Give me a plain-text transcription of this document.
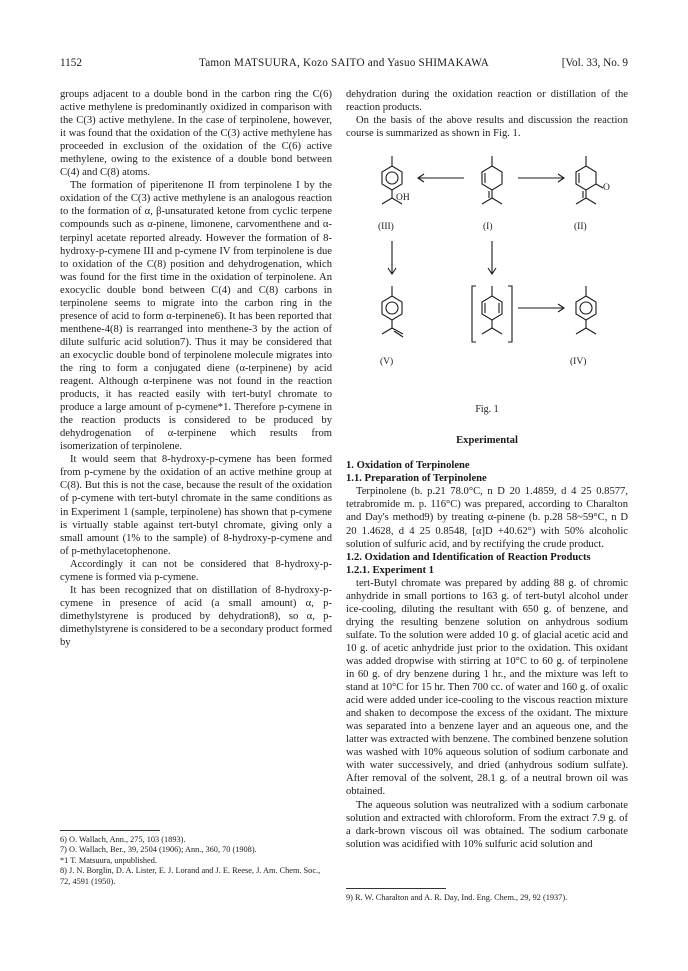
1152	Tamon MATSUURA, Kozo SAITO and Yasuo SHIMAKAWA	[Vol. 33, No. 9

groups adjacent to a double bond in the carbon ring the C(6) active methylene is predominantly oxidized in comparison with the C(3) active methylene. In the case of terpinolene, however, it was found that the oxidation of the C(3) active methylene has proceeded in exclusion of the oxidation of the C(6) active methylene, owing to the existence of a double bond between C(4) and C(8) atoms.

The formation of piperitenone II from terpinolene I by the oxidation of the C(3) active methylene is an analogous reaction to the formation of α, β-unsaturated ketone from cyclic terpene compounds such as α-pinene, limonene, carvomenthene and α-terpinyl acetate reported already. However the formation of 8-hydroxy-p-cymene III and p-cymene IV from terpinolene is due to oxidation of the C(8) position and dehydrogenation, which was found for the first time in the oxidation of terpinolene. An exocyclic double bond between C(4) and C(8) carbons in terpinolene seems to migrate into the carbon ring in the presence of acid to form α-terpinene6). It has been reported that menthene-4(8) is rearranged into menthene-3 by the action of dilute sulfuric acid solution7). Thus it may be considered that an exocyclic double bond of terpinolene molecule migrates into the ring to form a conjugated diene (α-terpinene) by acid reagent. Although α-terpinene was not found in the reaction products, it has reacted easily with tert-butyl chromate to produce a large amount of p-cymene*1. Therefore p-cymene in the reaction products is considered to be produced by dehydrogenation of α-terpinene which results from isomerization of terpinolene.

It would seem that 8-hydroxy-p-cymene has been formed from p-cymene by the oxidation of an active methine group at C(8). But this is not the case, because the result of the oxidation of p-cymene with tert-butyl chromate in the same conditions as in Experiment 1 (sample, terpinolene) has shown that p-cymene is virtually stable against tert-butyl chromate, giving only a small amount (1% to the sample) of 8-hydroxy-p-cymene and of p-methylacetophenone.

Accordingly it can not be considered that 8-hydroxy-p-cymene is formed via p-cymene.

It has been recognized that on distillation of 8-hydroxy-p-cymene in presence of acid (a small amount) α, p-dimethylstyrene is produced by dehydration8), so α, p-dimethylstyrene is considered to be a secondary product formed by

6) O. Wallach, Ann., 275, 103 (1893).
7) O. Wallach, Ber., 39, 2504 (1906); Ann., 360, 70 (1908).
*1 T. Matsuura, unpublished.
8) J. N. Borglin, D. A. Lister, E. J. Lorand and J. E. Reese, J. Am. Chem. Soc., 72, 4591 (1950).

dehydration during the oxidation reaction or distillation of the reaction products.

On the basis of the above results and discussion the reaction course is summarized as shown in Fig. 1.

OH
O
(III)	(I)	(II)
(V)	(IV)
Fig. 1
Experimental

1. Oxidation of Terpinolene

1.1. Preparation of Terpinolene

Terpinolene (b. p.21 78.0°C, n D 20 1.4859, d 4 25 0.8577, tetrabromide m. p. 116°C) was prepared, according to Charalton and Day's method9) by treating α-pinene (b. p.28 58~59°C, n D 20 1.4628, d 4 25 0.8548, [α]D +40.62°) with 50% alcoholic solution of sulfuric acid, and by rectifying the crude product.

1.2. Oxidation and Identification of Reaction Products

1.2.1. Experiment 1

tert-Butyl chromate was prepared by adding 88 g. of chromic anhydride in small portions to 163 g. of tert-butyl alcohol under ice-cooling, diluting the resultant with 650 g. of benzene, and drying the resulting benzene solution on anhydrous sodium sulfate. To the solution were added 10 g. of glacial acetic acid and 10 g. of acetic anhydride just prior to the oxidation. This oxidant was added dropwise with stirring at 10°C to 60 g. of terpinolene in 60 g. of dry benzene during 1 hr., and the mixture was left to stand at 10°C for 15 hr. Then 700 cc. of water and 160 g. of oxalic acid were added under ice-cooling to the viscous reaction mixture and shaken to decompose the excess of the oxidant. The mixture was separated into a benzene layer and an aqueous one, and the latter was extracted with benzene. The combined benzene solution was washed with 10% aqueous solution of sodium carbonate and with water successively, and dried (anhydrous sodium sulfate). After removal of the solvent, 28.1 g. of a neutral brown oil was obtained.

The aqueous solution was neutralized with a sodium carbonate solution and extracted with chloroform. From the extract 7.9 g. of a dark-brown viscous oil was obtained. The sodium carbonate solution was acidified with 10% sulfuric acid solution and

9) R. W. Charalton and A. R. Day, Ind. Eng. Chem., 29, 92 (1937).
